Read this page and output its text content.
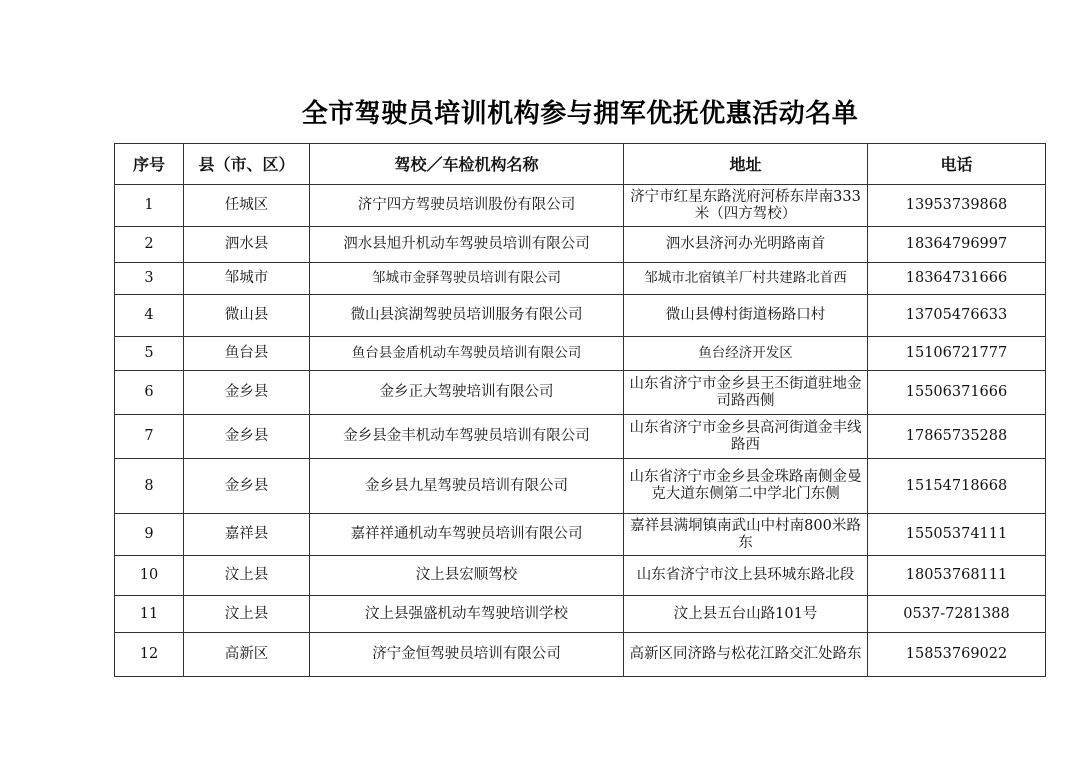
全市驾驶员培训机构参与拥军优抚优惠活动名单
序号	县（市、区）	驾校／车检机构名称	地址	电话
1	任城区	济宁四方驾驶员培训股份有限公司	济宁市红星东路洸府河桥东岸南333米（四方驾校）	13953739868
2	泗水县	泗水县旭升机动车驾驶员培训有限公司	泗水县济河办光明路南首	18364796997
3	邹城市	邹城市金驿驾驶员培训有限公司	邹城市北宿镇羊厂村共建路北首西	18364731666
4	微山县	微山县滨湖驾驶员培训服务有限公司	微山县傅村街道杨路口村	13705476633
5	鱼台县	鱼台县金盾机动车驾驶员培训有限公司	鱼台经济开发区	15106721777
6	金乡县	金乡正大驾驶培训有限公司	山东省济宁市金乡县王丕街道驻地金司路西侧	15506371666
7	金乡县	金乡县金丰机动车驾驶员培训有限公司	山东省济宁市金乡县高河街道金丰线路西	17865735288
8	金乡县	金乡县九星驾驶员培训有限公司	山东省济宁市金乡县金珠路南侧金曼克大道东侧第二中学北门东侧	15154718668
9	嘉祥县	嘉祥祥通机动车驾驶员培训有限公司	嘉祥县满垌镇南武山中村南800米路东	15505374111
10	汶上县	汶上县宏顺驾校	山东省济宁市汶上县环城东路北段	18053768111
11	汶上县	汶上县强盛机动车驾驶培训学校	汶上县五台山路101号	0537-7281388
12	高新区	济宁金恒驾驶员培训有限公司	高新区同济路与松花江路交汇处路东	15853769022
